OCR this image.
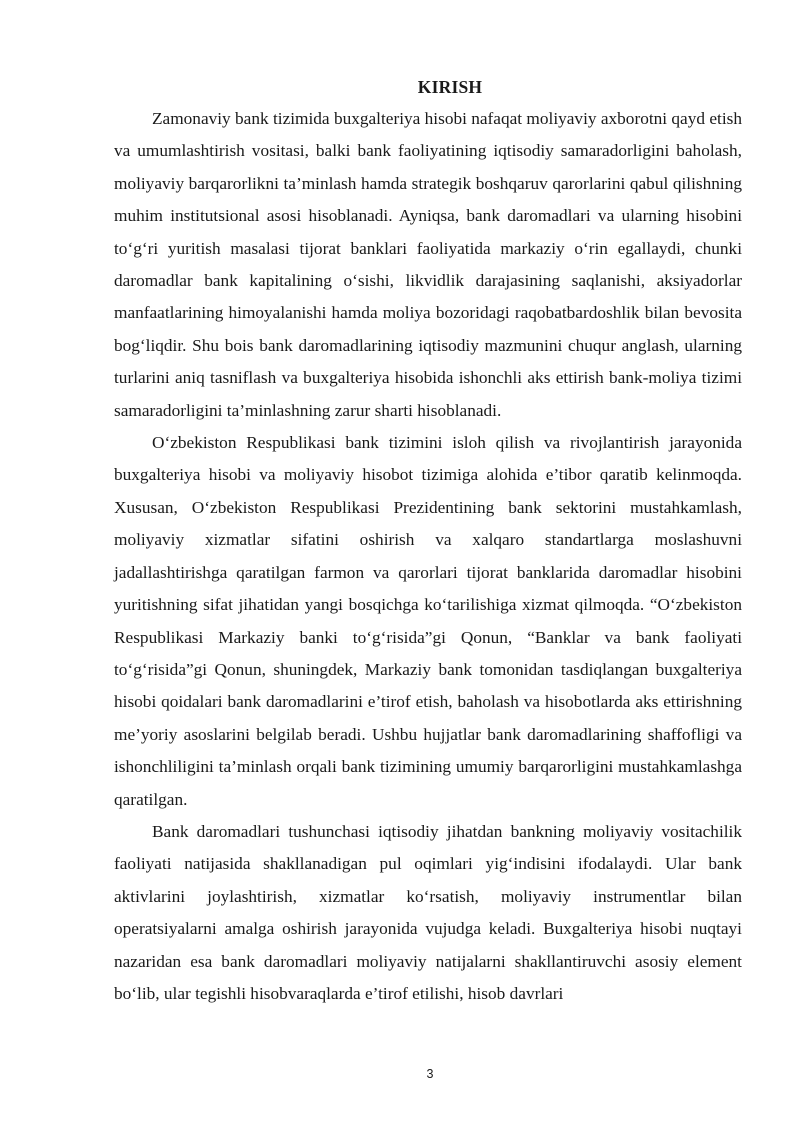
KIRISH

Zamonaviy bank tizimida buxgalteriya hisobi nafaqat moliyaviy axborotni qayd etish va umumlashtirish vositasi, balki bank faoliyatining iqtisodiy samaradorligini baholash, moliyaviy barqarorlikni ta’minlash hamda strategik boshqaruv qarorlarini qabul qilishning muhim institutsional asosi hisoblanadi. Ayniqsa, bank daromadlari va ularning hisobini to‘g‘ri yuritish masalasi tijorat banklari faoliyatida markaziy o‘rin egallaydi, chunki daromadlar bank kapitalining o‘sishi, likvidlik darajasining saqlanishi, aksiyadorlar manfaatlarining himoyalanishi hamda moliya bozoridagi raqobatbardoshlik bilan bevosita bog‘liqdir. Shu bois bank daromadlarining iqtisodiy mazmunini chuqur anglash, ularning turlarini aniq tasniflash va buxgalteriya hisobida ishonchli aks ettirish bank-moliya tizimi samaradorligini ta’minlashning zarur sharti hisoblanadi.

O‘zbekiston Respublikasi bank tizimini isloh qilish va rivojlantirish jarayonida buxgalteriya hisobi va moliyaviy hisobot tizimiga alohida e’tibor qaratib kelinmoqda. Xususan, O‘zbekiston Respublikasi Prezidentining bank sektorini mustahkamlash, moliyaviy xizmatlar sifatini oshirish va xalqaro standartlarga moslashuvni jadallashtirishga qaratilgan farmon va qarorlari tijorat banklarida daromadlar hisobini yuritishning sifat jihatidan yangi bosqichga ko‘tarilishiga xizmat qilmoqda. “O‘zbekiston Respublikasi Markaziy banki to‘g‘risida”gi Qonun, “Banklar va bank faoliyati to‘g‘risida”gi Qonun, shuningdek, Markaziy bank tomonidan tasdiqlangan buxgalteriya hisobi qoidalari bank daromadlarini e’tirof etish, baholash va hisobotlarda aks ettirishning me’yoriy asoslarini belgilab beradi. Ushbu hujjatlar bank daromadlarining shaffofligi va ishonchliligini ta’minlash orqali bank tizimining umumiy barqarorligini mustahkamlashga qaratilgan.

Bank daromadlari tushunchasi iqtisodiy jihatdan bankning moliyaviy vositachilik faoliyati natijasida shakllanadigan pul oqimlari yig‘indisini ifodalaydi. Ular bank aktivlarini joylashtirish, xizmatlar ko‘rsatish, moliyaviy instrumentlar bilan operatsiyalarni amalga oshirish jarayonida vujudga keladi. Buxgalteriya hisobi nuqtayi nazaridan esa bank daromadlari moliyaviy natijalarni shakllantiruvchi asosiy element bo‘lib, ular tegishli hisobvaraqlarda e’tirof etilishi, hisob davrlari

3
